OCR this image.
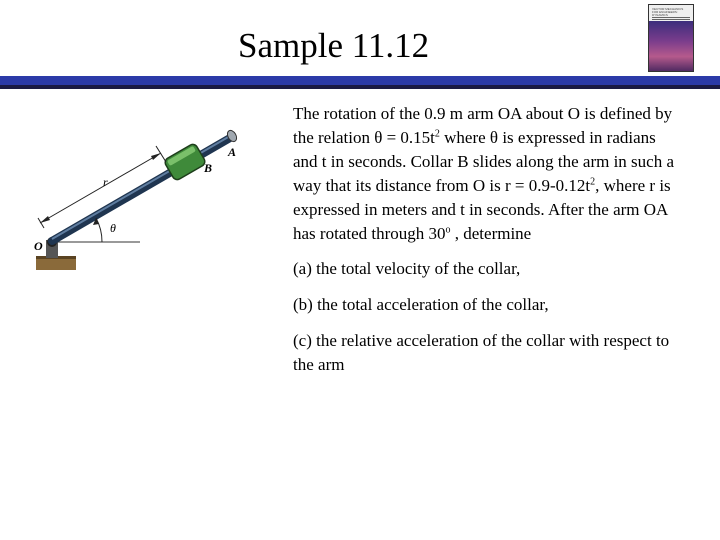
Sample 11.12
VECTOR MECHANICS FOR ENGINEERS: DYNAMICS
A
B
O
r
θ

The rotation of the 0.9 m arm OA about O is defined by the relation $\theta = 0.15t^2$ where θ is expressed in radians and t in seconds. Collar B slides along the arm in such a way that its distance from O is $r = 0.9-0.12t^2$, where r is expressed in meters and t in seconds. After the arm OA has rotated through 30$^o$ , determine

(a) the total velocity of the collar,

(b) the total acceleration of the collar,

(c) the relative acceleration of the collar with respect to the arm
